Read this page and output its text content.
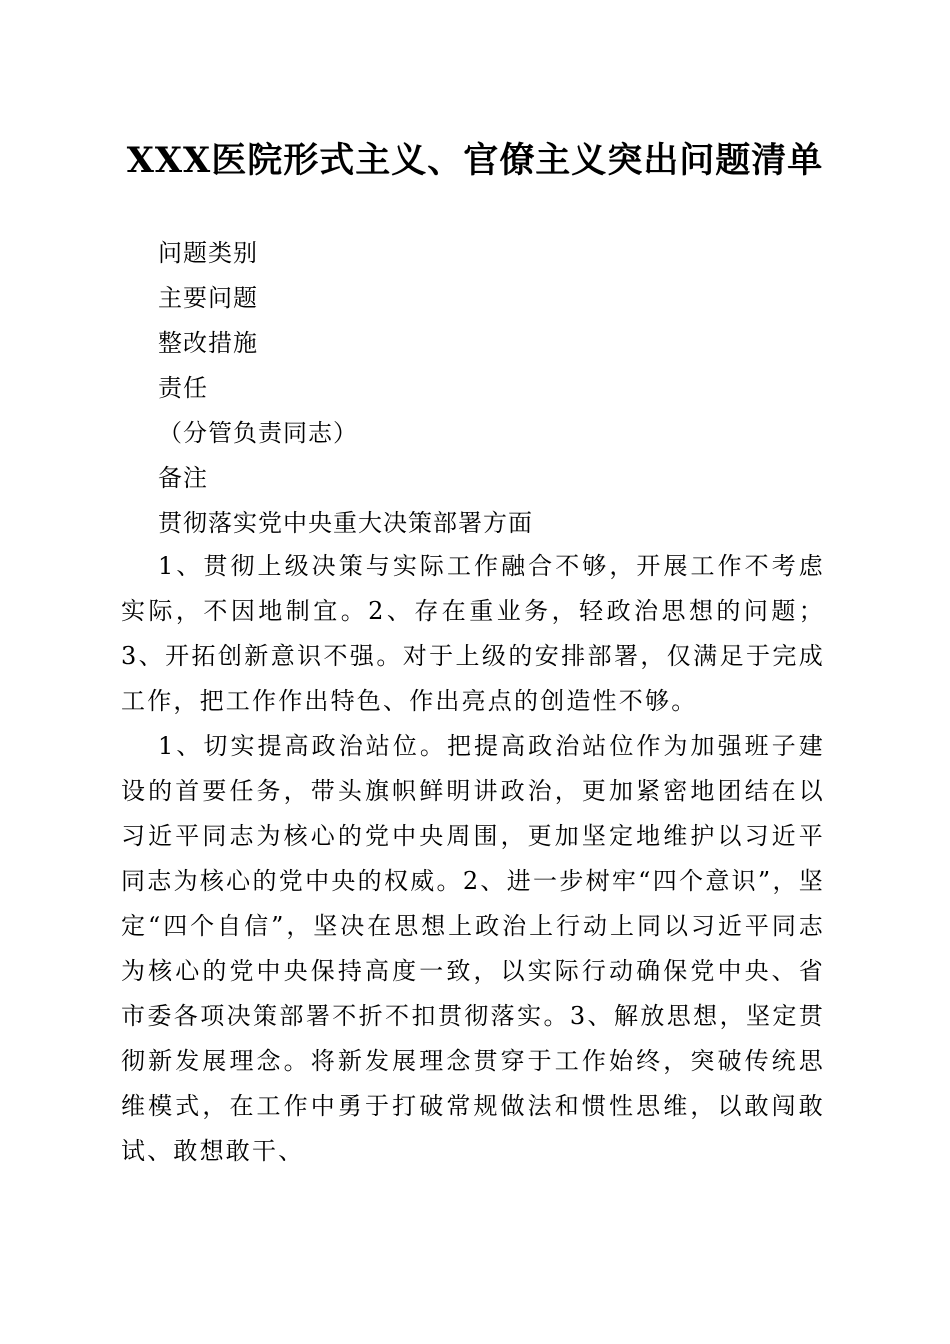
XXX医院形式主义、官僚主义突出问题清单
问题类别
主要问题
整改措施
责任
（分管负责同志）
备注
贯彻落实党中央重大决策部署方面
1、贯彻上级决策与实际工作融合不够，开展工作不考虑实际，不因地制宜。2、存在重业务，轻政治思想的问题；3、开拓创新意识不强。对于上级的安排部署，仅满足于完成工作，把工作作出特色、作出亮点的创造性不够。
1、切实提高政治站位。把提高政治站位作为加强班子建设的首要任务，带头旗帜鲜明讲政治，更加紧密地团结在以习近平同志为核心的党中央周围，更加坚定地维护以习近平同志为核心的党中央的权威。2、进一步树牢“四个意识”，坚定“四个自信”，坚决在思想上政治上行动上同以习近平同志为核心的党中央保持高度一致，以实际行动确保党中央、省市委各项决策部署不折不扣贯彻落实。3、解放思想，坚定贯彻新发展理念。将新发展理念贯穿于工作始终，突破传统思维模式，在工作中勇于打破常规做法和惯性思维，以敢闯敢试、敢想敢干、
